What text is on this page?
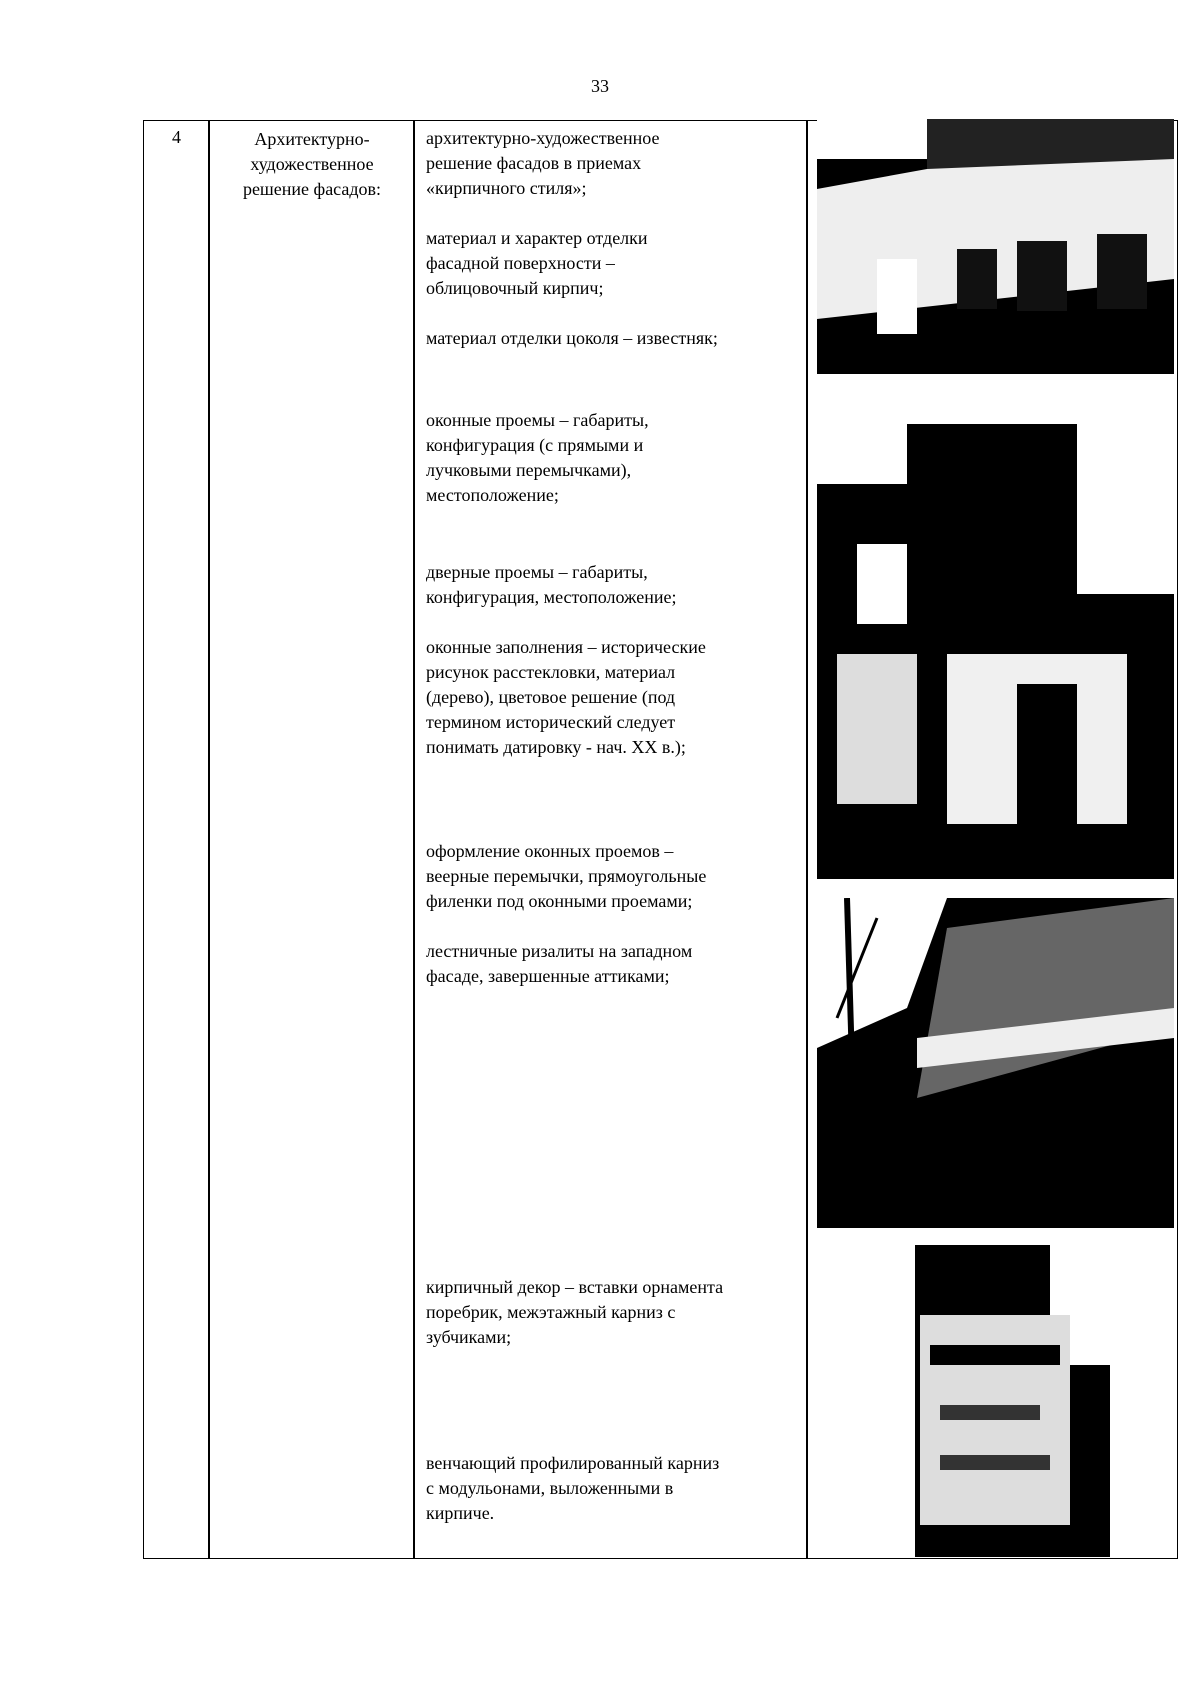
33
4	Архитектурно-
художественное
решение фасадов:
архитектурно-художественное
решение фасадов в приемах
«кирпичного стиля»;
материал и характер отделки
фасадной поверхности –
облицовочный кирпич;
материал отделки цоколя – известняк;
оконные проемы – габариты,
конфигурация (с прямыми и
лучковыми перемычками),
местоположение;
дверные проемы – габариты,
конфигурация, местоположение;
оконные заполнения – исторические
рисунок расстекловки, материал
(дерево), цветовое решение (под
термином исторический следует
понимать датировку - нач. XX в.);
оформление оконных проемов –
веерные перемычки, прямоугольные
филенки под оконными проемами;
лестничные ризалиты на западном
фасаде, завершенные аттиками;
кирпичный декор – вставки орнамента
поребрик, межэтажный карниз с
зубчиками;
венчающий профилированный карниз
с модульонами, выложенными в
кирпиче.
